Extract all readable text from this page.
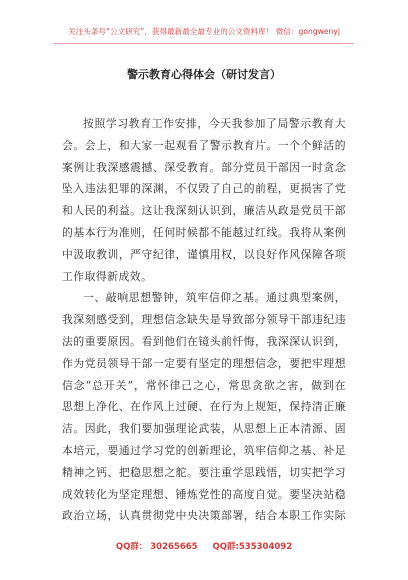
关注头条号“公文研究”，获得最新最全最专业的公文资料库！ 微信：gongwenyj
警示教育心得体会（研讨发言）
按照学习教育工作安排，今天我参加了局警示教育大
会。会上，和大家一起观看了警示教育片。一个个鲜活的
案例让我深感震撼、深受教育。部分党员干部因一时贪念
坠入违法犯罪的深渊，不仅毁了自己的前程，更损害了党
和人民的利益。这让我深刻认识到，廉洁从政是党员干部
的基本行为准则，任何时候都不能越过红线。我将从案例
中汲取教训，严守纪律，谨慎用权，以良好作风保障各项
工作取得新成效。
一、敲响思想警钟，筑牢信仰之基。通过典型案例，
我深刻感受到，理想信念缺失是导致部分领导干部违纪违
法的重要原因。看到他们在镜头前忏悔，我深深认识到，
作为党员领导干部一定要有坚定的理想信念，要把牢理想
信念“总开关”，常怀律己之心，常思贪欲之害，做到在
思想上净化、在作风上过硬、在行为上规矩，保持清正廉
洁。因此，我们要加强理论武装，从思想上正本清源、固
本培元，要通过学习党的创新理论，筑牢信仰之基、补足
精神之钙、把稳思想之舵。要注重学思践悟，切实把学习
成效转化为坚定理想、锤炼党性的高度自觉。要坚决站稳
政治立场，认真贯彻党中央决策部署，结合本职工作实际
QQ群： 30265665 QQ群:535304092
